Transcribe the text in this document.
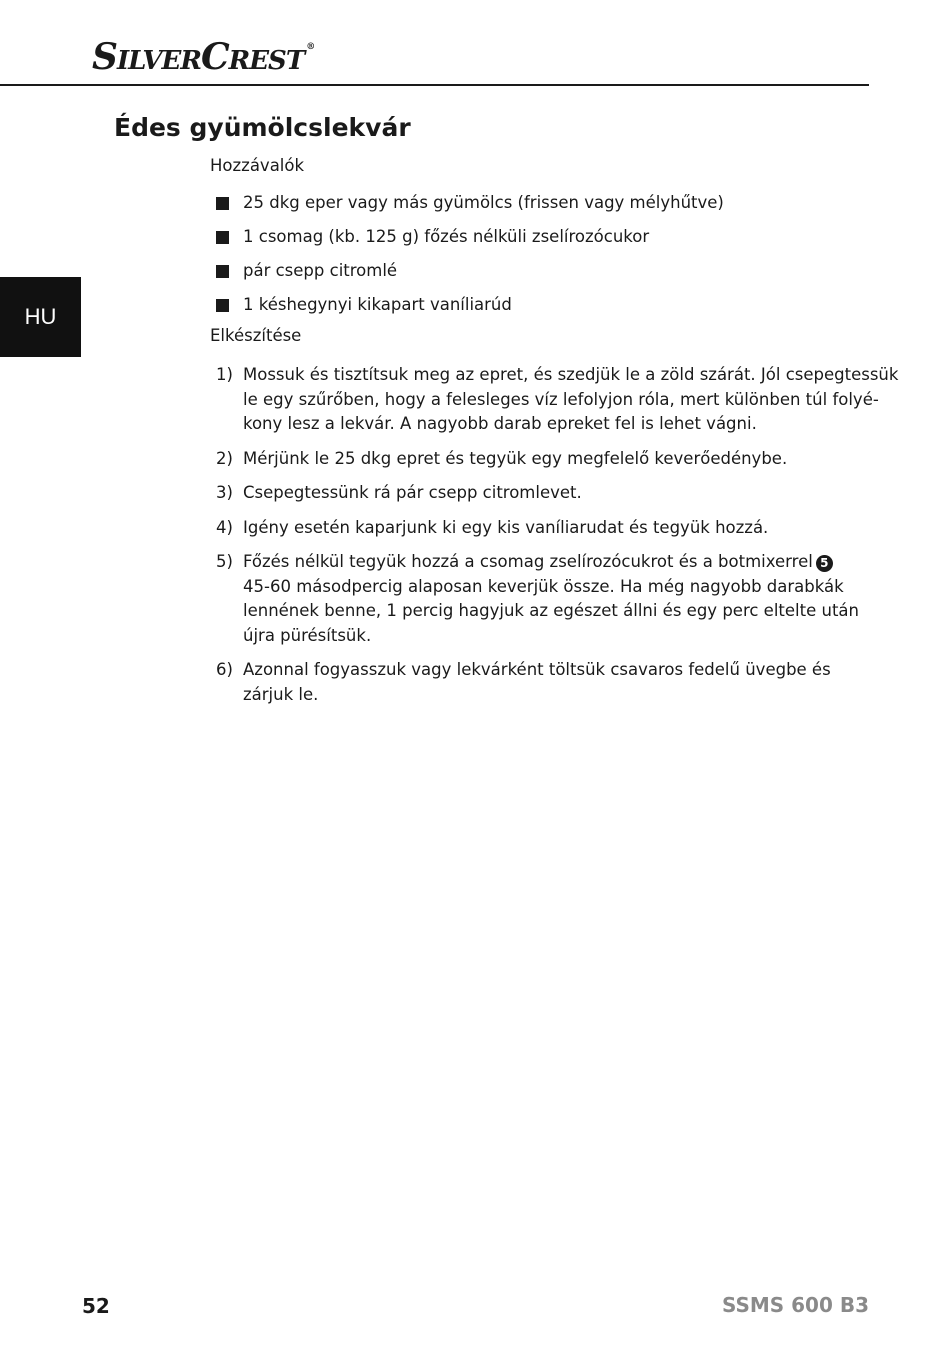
SILVERCREST ®
HU
Édes gyümölcslekvár
Hozzávalók
25 dkg eper vagy más gyümölcs (frissen vagy mélyhűtve)
1 csomag (kb. 125 g) főzés nélküli zselírozócukor
pár csepp citromlé
1 késhegynyi kikapart vaníliarúd
Elkészítése
1) Mossuk és tisztítsuk meg az epret, és szedjük le a zöld szárát. Jól csepegtessük
le egy szűrőben, hogy a felesleges víz lefolyjon róla, mert különben túl folyé-
kony lesz a lekvár. A nagyobb darab epreket fel is lehet vágni.
2) Mérjünk le 25 dkg epret és tegyük egy megfelelő keverőedénybe.
3) Csepegtessünk rá pár csepp citromlevet.
4) Igény esetén kaparjunk ki egy kis vaníliarudat és tegyük hozzá.
5) Főzés nélkül tegyük hozzá a csomag zselírozócukrot és a botmixerrel 5
45-60 másodpercig alaposan keverjük össze. Ha még nagyobb darabkák
lennének benne, 1 percig hagyjuk az egészet állni és egy perc eltelte után
újra pürésítsük.
6) Azonnal fogyasszuk vagy lekvárként töltsük csavaros fedelű üvegbe és
zárjuk le.
52	SSMS 600 B3
